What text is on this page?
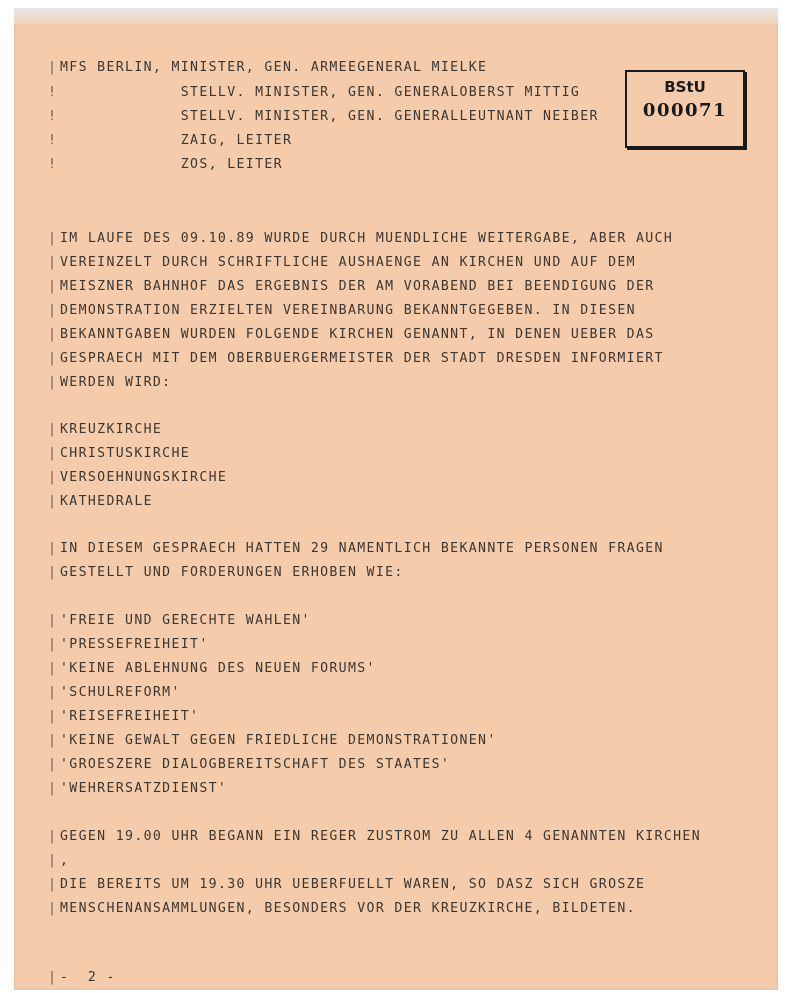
BStU
000071
| MFS BERLIN, MINISTER, GEN. ARMEEGENERAL MIELKE
!             STELLV. MINISTER, GEN. GENERALOBERST MITTIG
!             STELLV. MINISTER, GEN. GENERALLEUTNANT NEIBER
!             ZAIG, LEITER
!             ZOS, LEITER
| IM LAUFE DES 09.10.89 WURDE DURCH MUENDLICHE WEITERGABE, ABER AUCH
| VEREINZELT DURCH SCHRIFTLICHE AUSHAENGE AN KIRCHEN UND AUF DEM
| MEISZNER BAHNHOF DAS ERGEBNIS DER AM VORABEND BEI BEENDIGUNG DER
| DEMONSTRATION ERZIELTEN VEREINBARUNG BEKANNTGEGEBEN. IN DIESEN
| BEKANNTGABEN WURDEN FOLGENDE KIRCHEN GENANNT, IN DENEN UEBER DAS
| GESPRAECH MIT DEM OBERBUERGERMEISTER DER STADT DRESDEN INFORMIERT
| WERDEN WIRD:
| KREUZKIRCHE
| CHRISTUSKIRCHE
| VERSOEHNUNGSKIRCHE
| KATHEDRALE
| IN DIESEM GESPRAECH HATTEN 29 NAMENTLICH BEKANNTE PERSONEN FRAGEN
| GESTELLT UND FORDERUNGEN ERHOBEN WIE:
| 'FREIE UND GERECHTE WAHLEN'
| 'PRESSEFREIHEIT'
| 'KEINE ABLEHNUNG DES NEUEN FORUMS'
| 'SCHULREFORM'
| 'REISEFREIHEIT'
| 'KEINE GEWALT GEGEN FRIEDLICHE DEMONSTRATIONEN'
| 'GROESZERE DIALOGBEREITSCHAFT DES STAATES'
| 'WEHRERSATZDIENST'
| GEGEN 19.00 UHR BEGANN EIN REGER ZUSTROM ZU ALLEN 4 GENANNTEN KIRCHEN
| ,
| DIE BEREITS UM 19.30 UHR UEBERFUELLT WAREN, SO DASZ SICH GROSZE
| MENSCHENANSAMMLUNGEN, BESONDERS VOR DER KREUZKIRCHE, BILDETEN.
| -  2 -
